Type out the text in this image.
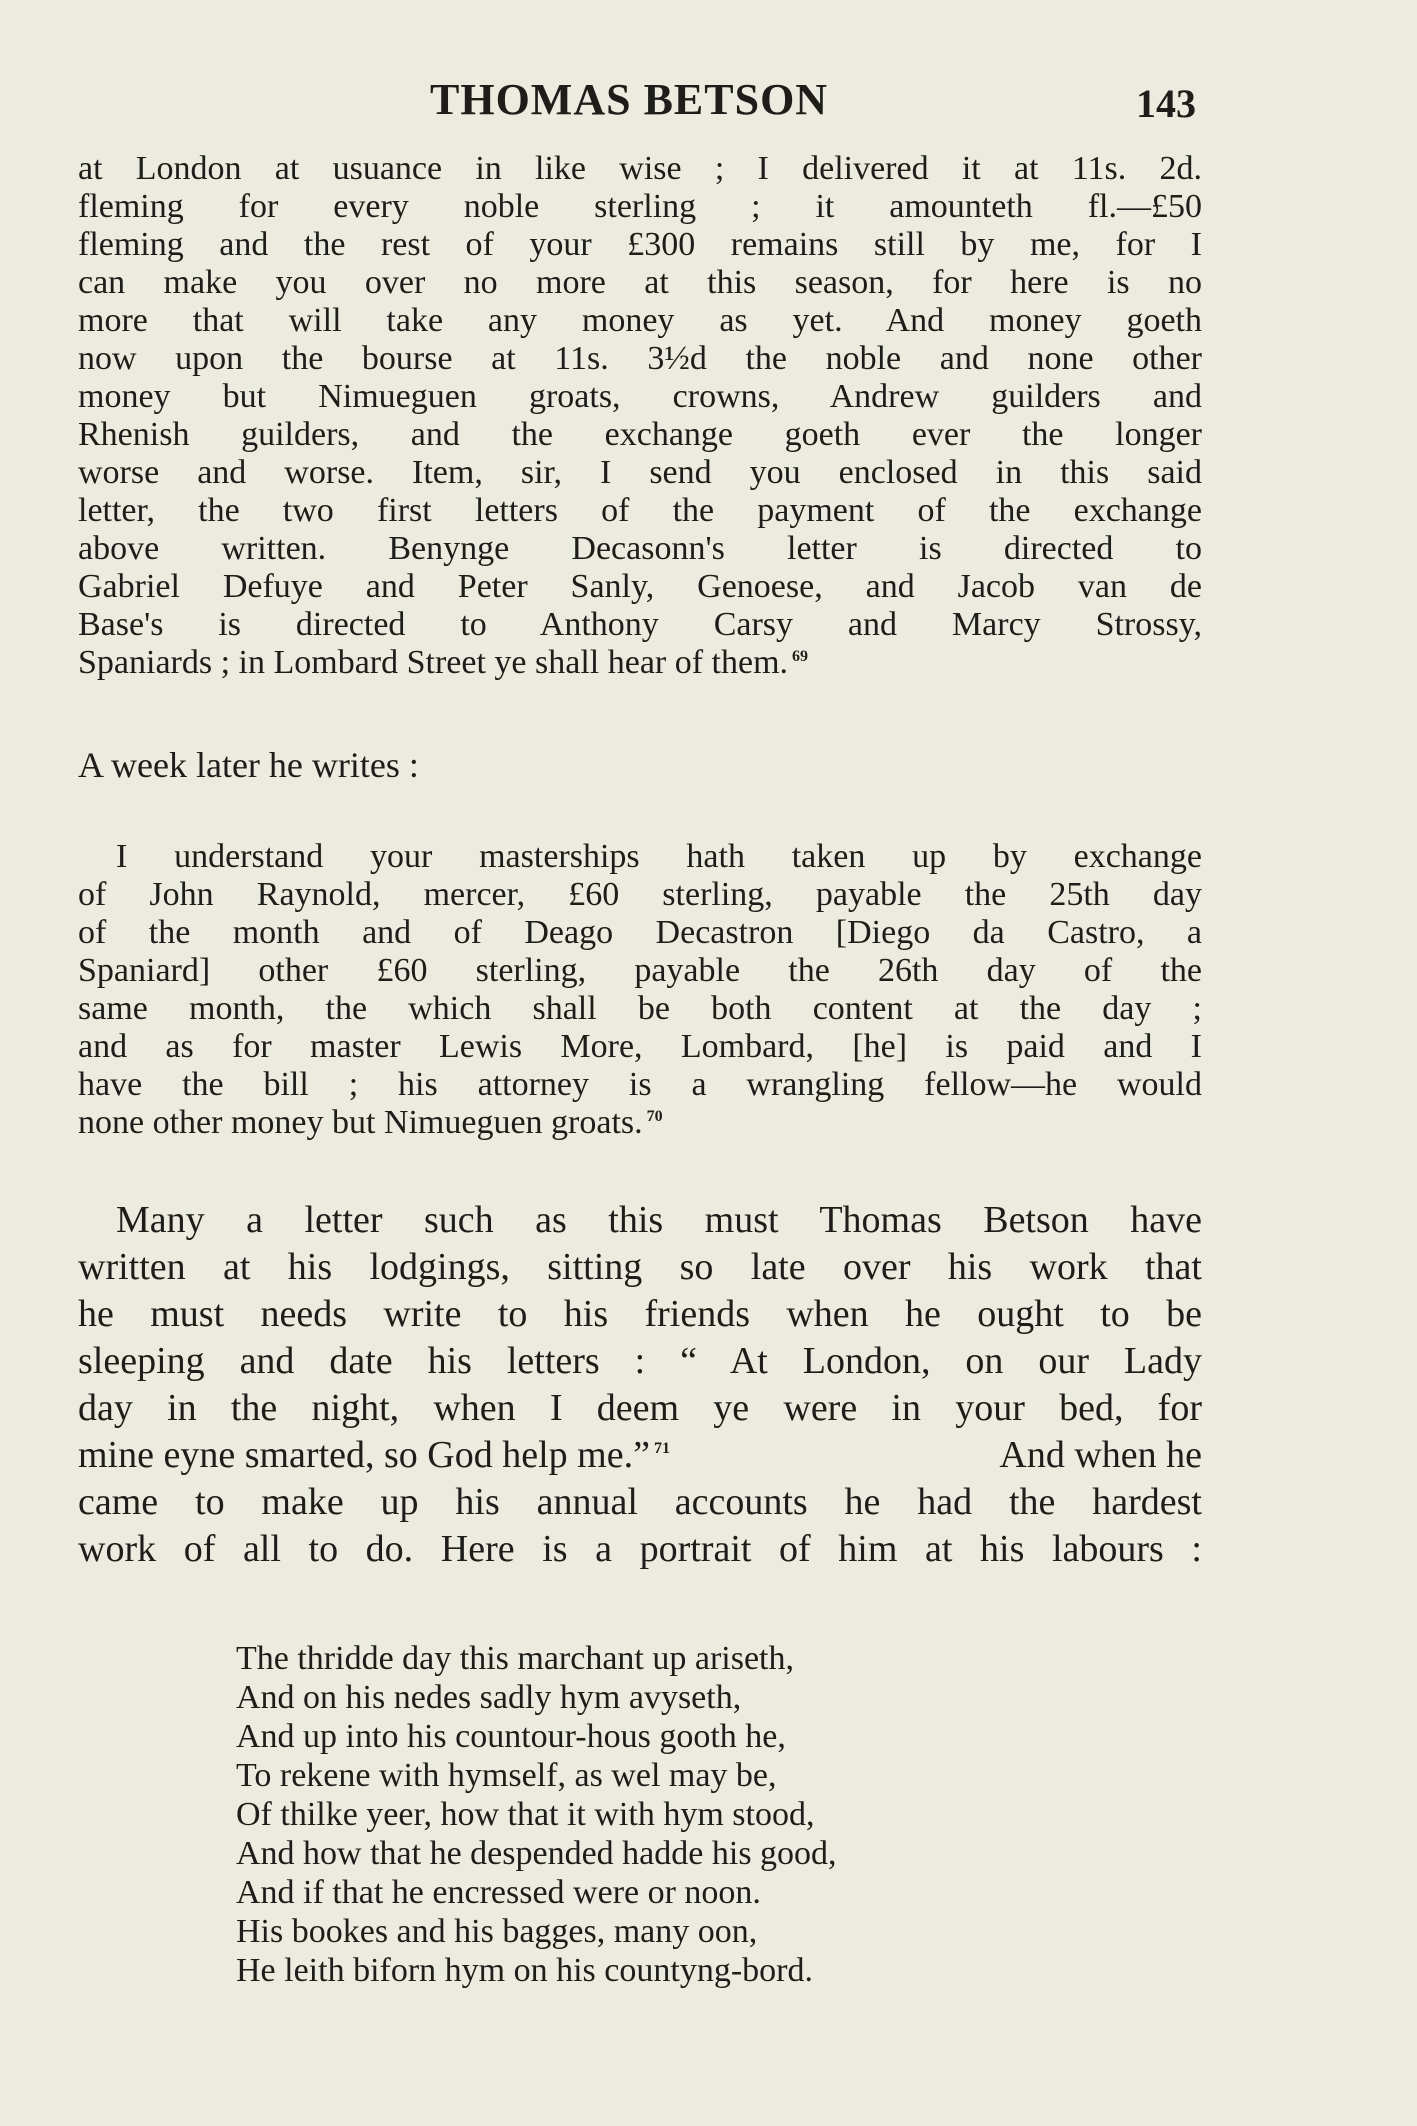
THOMAS BETSON	143
at London at usuance in like wise ; I delivered it at 11s. 2d.
fleming for every noble sterling ; it amounteth fl.—£50
fleming and the rest of your £300 remains still by me, for I
can make you over no more at this season, for here is no
more that will take any money as yet. And money goeth
now upon the bourse at 11s. 3½d the noble and none other
money but Nimueguen groats, crowns, Andrew guilders and
Rhenish guilders, and the exchange goeth ever the longer
worse and worse. Item, sir, I send you enclosed in this said
letter, the two first letters of the payment of the exchange
above written. Benynge Decasonn's letter is directed to
Gabriel Defuye and Peter Sanly, Genoese, and Jacob van de
Base's is directed to Anthony Carsy and Marcy Strossy,
Spaniards ; in Lombard Street ye shall hear of them. $^{69}$
A week later he writes :
I understand your masterships hath taken up by exchange
of John Raynold, mercer, £60 sterling, payable the 25th day
of the month and of Deago Decastron [Diego da Castro, a
Spaniard] other £60 sterling, payable the 26th day of the
same month, the which shall be both content at the day ;
and as for master Lewis More, Lombard, [he] is paid and I
have the bill ; his attorney is a wrangling fellow—he would
none other money but Nimueguen groats. $^{70}$
Many a letter such as this must Thomas Betson have
written at his lodgings, sitting so late over his work that
he must needs write to his friends when he ought to be
sleeping and date his letters : “ At London, on our Lady
day in the night, when I deem ye were in your bed, for
mine eyne smarted, so God help me.” $^{71}$	And when he
came to make up his annual accounts he had the hardest
work of all to do. Here is a portrait of him at his labours :
The thridde day this marchant up ariseth,
And on his nedes sadly hym avyseth,
And up into his countour-hous gooth he,
To rekene with hymself, as wel may be,
Of thilke yeer, how that it with hym stood,
And how that he despended hadde his good,
And if that he encressed were or noon.
His bookes and his bagges, many oon,
He leith biforn hym on his countyng-bord.
